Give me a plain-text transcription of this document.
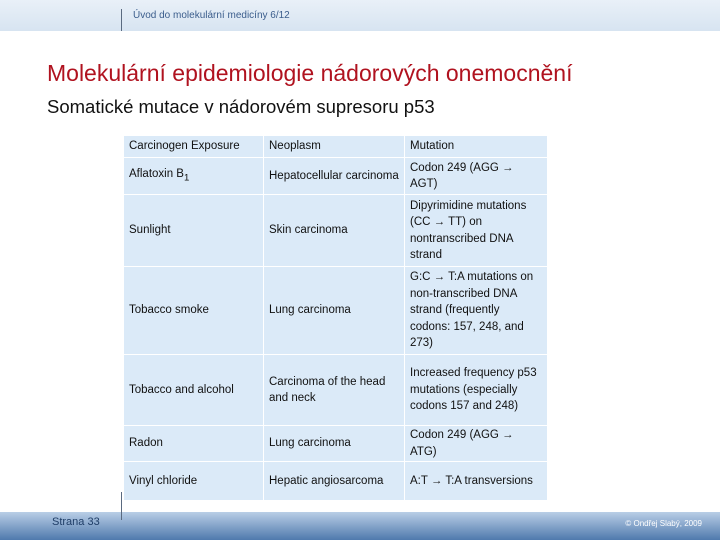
Úvod do molekulární medicíny 6/12
Molekulární epidemiologie nádorových onemocnění
Somatické mutace v nádorovém supresoru p53
Carcinogen Exposure	Neoplasm	Mutation
Aflatoxin $B_1$	Hepatocellular carcinoma	Codon 249 (AGG → AGT)
Sunlight	Skin carcinoma	Dipyrimidine mutations (CC → TT) on nontranscribed DNA strand
Tobacco smoke	Lung carcinoma	G:C → T:A mutations on non-transcribed DNA strand (frequently codons: 157, 248, and 273)
Tobacco and alcohol	Carcinoma of the head and neck	Increased frequency p53 mutations (especially codons 157 and 248)
Radon	Lung carcinoma	Codon 249 (AGG → ATG)
Vinyl chloride	Hepatic angiosarcoma	A:T → T:A transversions
Strana 33	© Ondřej Slabý, 2009
